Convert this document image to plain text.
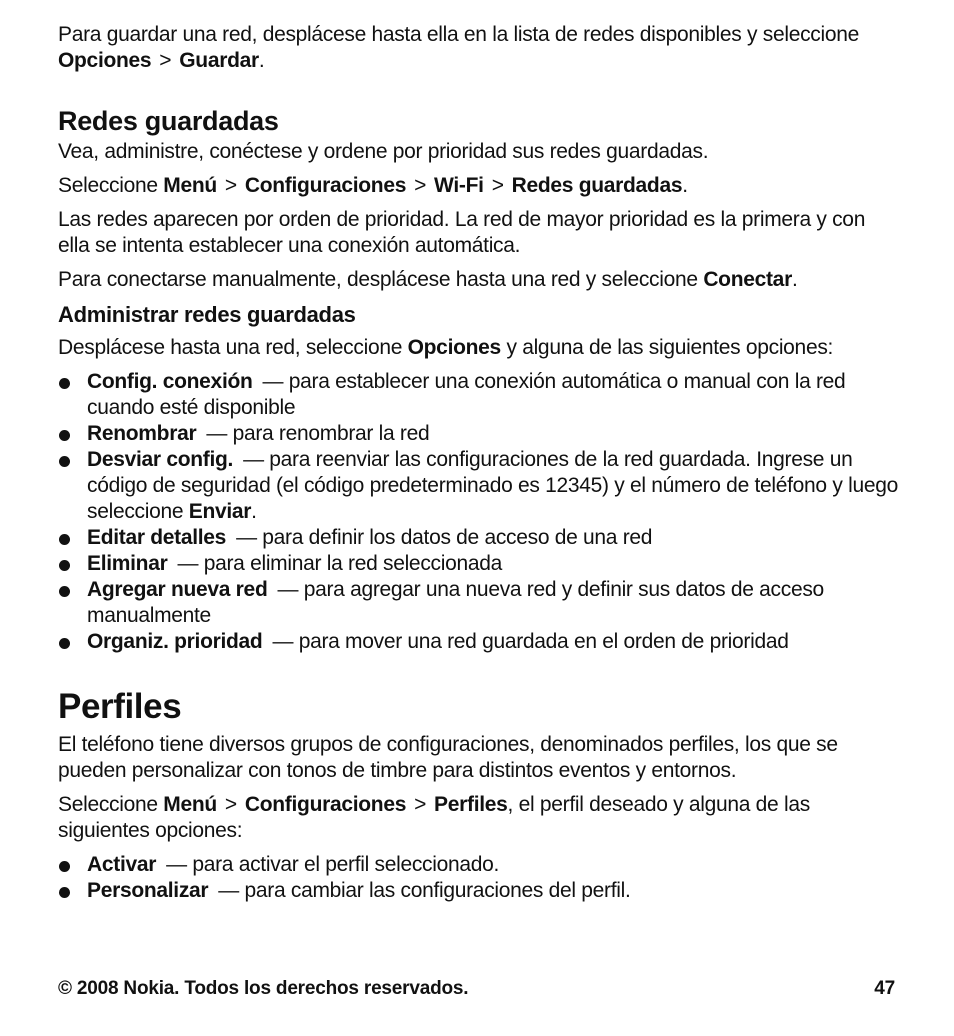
Para guardar una red, desplácese hasta ella en la lista de redes disponibles y seleccione Opciones > Guardar.

Redes guardadas

Vea, administre, conéctese y ordene por prioridad sus redes guardadas.

Seleccione Menú > Configuraciones > Wi-Fi > Redes guardadas.

Las redes aparecen por orden de prioridad. La red de mayor prioridad es la primera y con ella se intenta establecer una conexión automática.

Para conectarse manualmente, desplácese hasta una red y seleccione Conectar.

Administrar redes guardadas

Desplácese hasta una red, seleccione Opciones y alguna de las siguientes opciones:

Config. conexión — para establecer una conexión automática o manual con la red cuando esté disponible
Renombrar — para renombrar la red
Desviar config. — para reenviar las configuraciones de la red guardada. Ingrese un código de seguridad (el código predeterminado es 12345) y el número de teléfono y luego seleccione Enviar.
Editar detalles — para definir los datos de acceso de una red
Eliminar — para eliminar la red seleccionada
Agregar nueva red — para agregar una nueva red y definir sus datos de acceso manualmente
Organiz. prioridad — para mover una red guardada en el orden de prioridad
Perfiles

El teléfono tiene diversos grupos de configuraciones, denominados perfiles, los que se pueden personalizar con tonos de timbre para distintos eventos y entornos.

Seleccione Menú > Configuraciones > Perfiles, el perfil deseado y alguna de las siguientes opciones:

Activar — para activar el perfil seleccionado.
Personalizar — para cambiar las configuraciones del perfil.
© 2008 Nokia. Todos los derechos reservados.	47
